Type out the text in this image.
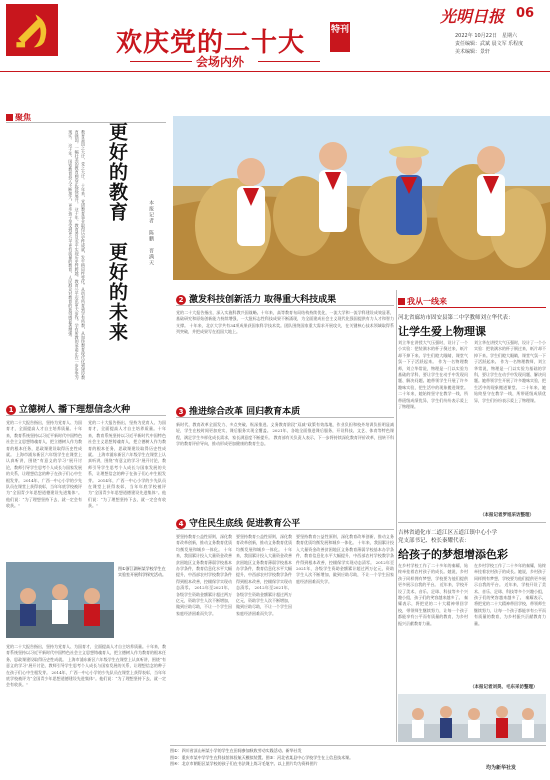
欢庆党的二十大	特刊
会场内外
光明日报 06
2022年 10月22日　星期六
责任编辑：武斌 晨文军 乐程度
美术编辑：景轩
聚焦
教育是国之大计，党之大计。 十年来，党团教育事业取得历史性成就，发生格局性变化。从幼有所育到学有所教，从加快教育现代化到建设教育强国，一幅壮美的教育画卷正徐徐展开。 这十年，教育普及水平实现历史性跨越，教育公平迈出更大步伐，学有所教的承诺正在一步步变为现实。 这十年，国家教育投入不断加大，更多孩子享受到更公平更有质量的教育，人民群众对教育的获得感显著增强。	更好的教育　更好的未来	本报记者　陈鹏　晋满天
2 激发科技创新活力 取得重大科技成果
党的二十大报告指出，深入实施科教兴国战略。十年来，高等教育布局结构持续优化，一流大学和一流学科建设成效显著，基础研究和原始创新能力持续增强，一大批标志性科技成果不断涌现，为全面建成社会主义现代化强国提供有力人才和智力支撑。 十年来，北京大学共有34项成果获国家科学技术奖。团队围绕国家重大需求开展攻关，在关键核心技术领域取得系列突破，并把成果写在祖国大地上。
1 立德树人 播下理想信念火种
党的二十大报告指出，坚持为党育人、为国育才，全面提高人才自主培养质量。十年来，教育系统坚持以习近平新时代中国特色社会主义思想铸魂育人，把立德树人作为教育的根本任务，思政课建设取得历史性成就。 上海市浦东新区六年级学生在课堂上认真听讲，围绕“有意义的学习”展开讨论，教师引导学生思考个人成长与国家发展的关系，让理想信念的种子在孩子们心中生根发芽。 2014年，广西一中心小学的少先队员在课堂上获得表彰，当年年底学校被评为“全国青少年思想道德建设先进集体”。他们说：“为了理想坚持下去，就一定会有收获。”
党的二十大报告指出，坚持为党育人、为国育才，全面提高人才自主培养质量。十年来，教育系统坚持以习近平新时代中国特色社会主义思想铸魂育人，把立德树人作为教育的根本任务，思政课建设取得历史性成就。 上海市浦东新区六年级学生在课堂上认真听讲，围绕“有意义的学习”展开讨论，教师引导学生思考个人成长与国家发展的关系，让理想信念的种子在孩子们心中生根发芽。 2014年，广西一中心小学的少先队员在课堂上获得表彰，当年年底学校被评为“全国青少年思想道德建设先进集体”。他们说：“为了理想坚持下去，就一定会有收获。”
图①浙江湖州某学校学生在实验室开展科学探究活动。
党的二十大报告指出，坚持为党育人、为国育才，全面提高人才自主培养质量。十年来，教育系统坚持以习近平新时代中国特色社会主义思想铸魂育人，把立德树人作为教育的根本任务，思政课建设取得历史性成就。 上海市浦东新区六年级学生在课堂上认真听讲，围绕“有意义的学习”展开讨论，教师引导学生思考个人成长与国家发展的关系，让理想信念的种子在孩子们心中生根发芽。 2014年，广西一中心小学的少先队员在课堂上获得表彰，当年年底学校被评为“全国青少年思想道德建设先进集体”。他们说：“为了理想坚持下去，就一定会有收获。”
3 推进综合改革 回归教育本质
新时代，教育改革全面发力、多点突破、纵深推进。义务教育阶段“双减”政策有效落地，作业负担和校外培训负担明显减轻，学生在校时间更加充实，课后服务实现全覆盖。 2021年，各地全面推进课后服务，开设科技、文艺、体育等特色课程，满足学生多样化成长需求，家长满意度不断提升。 教育部有关负责人表示，下一步将持续深化教育评价改革，扭转不科学的教育评价导向，推动形成更加健康的教育生态。
4 守住民生底线 促进教育公平
要坚持教育公益性原则，深化教育改革创新，推动义务教育优质均衡发展和城乡一体化。 十年来，我国累计投入大量资金改善贫困地区义务教育薄弱学校基本办学条件，教育信息化水平大幅提升，中西部农村学校教学条件得到根本改善，控辍保学实现动态清零。 2012年至2021年，各级学生资助金额累计超过两万亿元，资助学生人次不断增加，做到应助尽助，不让一个学生因家庭经济困难而失学。
要坚持教育公益性原则，深化教育改革创新，推动义务教育优质均衡发展和城乡一体化。 十年来，我国累计投入大量资金改善贫困地区义务教育薄弱学校基本办学条件，教育信息化水平大幅提升，中西部农村学校教学条件得到根本改善，控辍保学实现动态清零。 2012年至2021年，各级学生资助金额累计超过两万亿元，资助学生人次不断增加，做到应助尽助，不让一个学生因家庭经济困难而失学。
要坚持教育公益性原则，深化教育改革创新，推动义务教育优质均衡发展和城乡一体化。 十年来，我国累计投入大量资金改善贫困地区义务教育薄弱学校基本办学条件，教育信息化水平大幅提升，中西部农村学校教学条件得到根本改善，控辍保学实现动态清零。 2012年至2021年，各级学生资助金额累计超过两万亿元，资助学生人次不断增加，做到应助尽助，不让一个学生因家庭经济困难而失学。
我从一线来
河北省廊坊市固安县第二中学教师刘立华代表：
让学生爱上物理课
刘立华在讲授大气压强时，设计了一个小实验：把装满水的杯子倒过来，纸片却不掉下来。学生们瞪大眼睛，课堂气氛一下子活跃起来。 作为一名物理教师，刘立华常说，物理是一门以实验为基础的学科，要让学生在动手中发现问题、解决问题。她带领学生开展了许多趣味实验，把生活中的现象搬进课堂。 二十年来，她始终坚守在教学一线，所带班级成绩优异，学生们纷纷表示爱上了物理课。
刘立华在讲授大气压强时，设计了一个小实验：把装满水的杯子倒过来，纸片却不掉下来。学生们瞪大眼睛，课堂气氛一下子活跃起来。 作为一名物理教师，刘立华常说，物理是一门以实验为基础的学科，要让学生在动手中发现问题、解决问题。她带领学生开展了许多趣味实验，把生活中的现象搬进课堂。 二十年来，她始终坚守在教学一线，所带班级成绩优异，学生们纷纷表示爱上了物理课。
（本报记者罗旭采访整理）
吉林省通化市二道江区五道江镇中心小学
党支部书记、校长秦耀代表：
给孩子的梦想增添色彩
在乡村学校工作了二十多年的秦耀，始终牵挂着农村孩子的成长。她说，乡村孩子同样拥有梦想，学校要为他们提供更多展示自我的平台。 近年来，学校开设了美术、音乐、足球、科技等多个兴趣小组，孩子们的笑容越来越多了。 秦耀表示，将把党的二十大精神带回学校，带领师生继续努力，让每一个孩子都能享有公平而有质量的教育，为乡村振兴贡献教育力量。
在乡村学校工作了二十多年的秦耀，始终牵挂着农村孩子的成长。她说，乡村孩子同样拥有梦想，学校要为他们提供更多展示自我的平台。 近年来，学校开设了美术、音乐、足球、科技等多个兴趣小组，孩子们的笑容越来越多了。 秦耀表示，将把党的二十大精神带回学校，带领师生继续努力，让每一个孩子都能享有公平而有质量的教育，为乡村振兴贡献教育力量。
（本报记者刘昊、毛东采访整理）
图①：四川省凉山州某小学的学生在田间参加秋收劳动实践活动。新华社发
图②：重庆市某中学学生在科技馆体验航天模拟装置。图③：河北省某县中心学校学生在上信息技术课。
图④：北京市朝阳区某学校的孩子们在书法课上练习毛笔字。以上图片均为资料图片
均为新华社发
